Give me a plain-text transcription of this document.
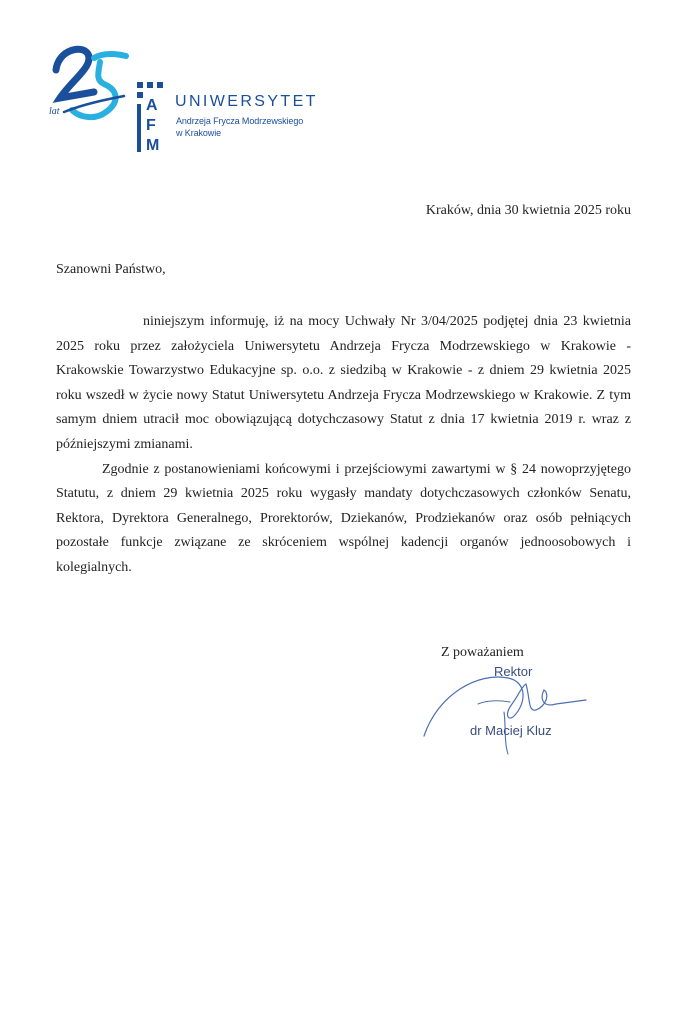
lat	A
F
M
UNIWERSYTET
Andrzeja Frycza Modrzewskiego
w Krakowie
Kraków, dnia 30 kwietnia 2025 roku
Szanowni Państwo,

niniejszym informuję, iż na mocy Uchwały Nr 3/04/2025 podjętej dnia 23 kwietnia 2025 roku przez założyciela Uniwersytetu Andrzeja Frycza Modrzewskiego w Krakowie - Krakowskie Towarzystwo Edukacyjne sp. o.o. z siedzibą w Krakowie - z dniem 29 kwietnia 2025 roku wszedł w życie nowy Statut Uniwersytetu Andrzeja Frycza Modrzewskiego w Krakowie. Z tym samym dniem utracił moc obowiązującą dotychczasowy Statut z dnia 17 kwietnia 2019 r. wraz z późniejszymi zmianami.

Zgodnie z postanowieniami końcowymi i przejściowymi zawartymi w § 24 nowoprzyjętego Statutu, z dniem 29 kwietnia 2025 roku wygasły mandaty dotychczasowych członków Senatu, Rektora, Dyrektora Generalnego, Prorektorów, Dziekanów, Prodziekanów oraz osób pełniących pozostałe funkcje związane ze skróceniem wspólnej kadencji organów jednoosobowych i kolegialnych.

Z poważaniem
Rektor
dr Maciej Kluz
